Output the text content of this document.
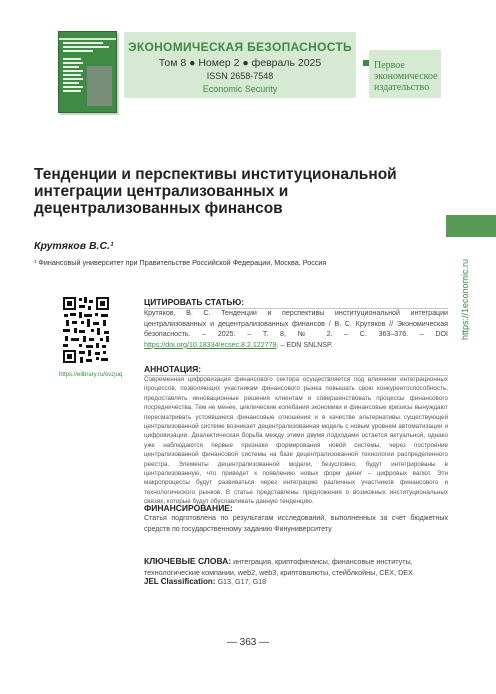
ЭКОНОМИЧЕСКАЯ БЕЗОПАСНОСТЬ
Том 8 ● Номер 2 ● февраль 2025
ISSN 2658-7548
Economic Security
Первое
экономическое
издательство
https://1economic.ru
Тенденции и перспективы институциональной интеграции централизованных и децентрализованных финансов
Крутяков В.С.¹
¹ Финансовый университет при Правительстве Российской Федерации, Москва, Россия
https://elibrary.ru/ovzjuq
ЦИТИРОВАТЬ СТАТЬЮ:
Крутяков, В. С. Тенденции и перспективы институциональной интеграции централизованных и децентрализованных финансов / В. С. Крутяков // Экономическая безопасность. – 2025. – Т. 8, № 2. – С. 363–376. – DOI https://doi.org/10.18334/ecsec.8.2.122779. – EDN SNLNSP.
АННОТАЦИЯ:
Современная цифровизация финансового сектора осуществляется под влиянием интеграционных процессов, позволяющих участникам финансового рынка повышать свою конкурентоспособность, предоставлять инновационные решения клиентам и совершенствовать процессы финансового посредничества. Тем не менее, циклические колебания экономики и финансовые кризисы вынуждают пересматривать устоявшиеся финансовые отношения и в качестве альтернативы существующей централизованной системе возникает децентрализованная модель с новым уровнем автоматизации и цифровизации. Диалектическая борьба между этими двумя подходами остается актуальной, однако уже наблюдаются первые признаки формирования новой системы, через построение централизованной финансовой системы на базе децентрализованной технологии распределенного реестра. Элементы децентрализованной модели, безусловно, будут интегрированы в централизованную, что приведет к появлению новых форм денег – цифровых валют. Эти макропроцессы будут развиваться через интеграцию различных участников финансового и технологического рынков. В статье представлены предложения о возможных институциональных связях, которые будут обуславливать данную тенденцию.
ФИНАНСИРОВАНИЕ:
Статья подготовлена по результатам исследований, выполненных за счет бюджетных средств по государственному заданию Финуниверситету
КЛЮЧЕВЫЕ СЛОВА: интеграция, криптофинансы, финансовые институты, технологические компании, web2, web3, криптовалюты, стейблкойны, CEX, DEX
JEL Classification: G13, G17, G18
— 363 —
